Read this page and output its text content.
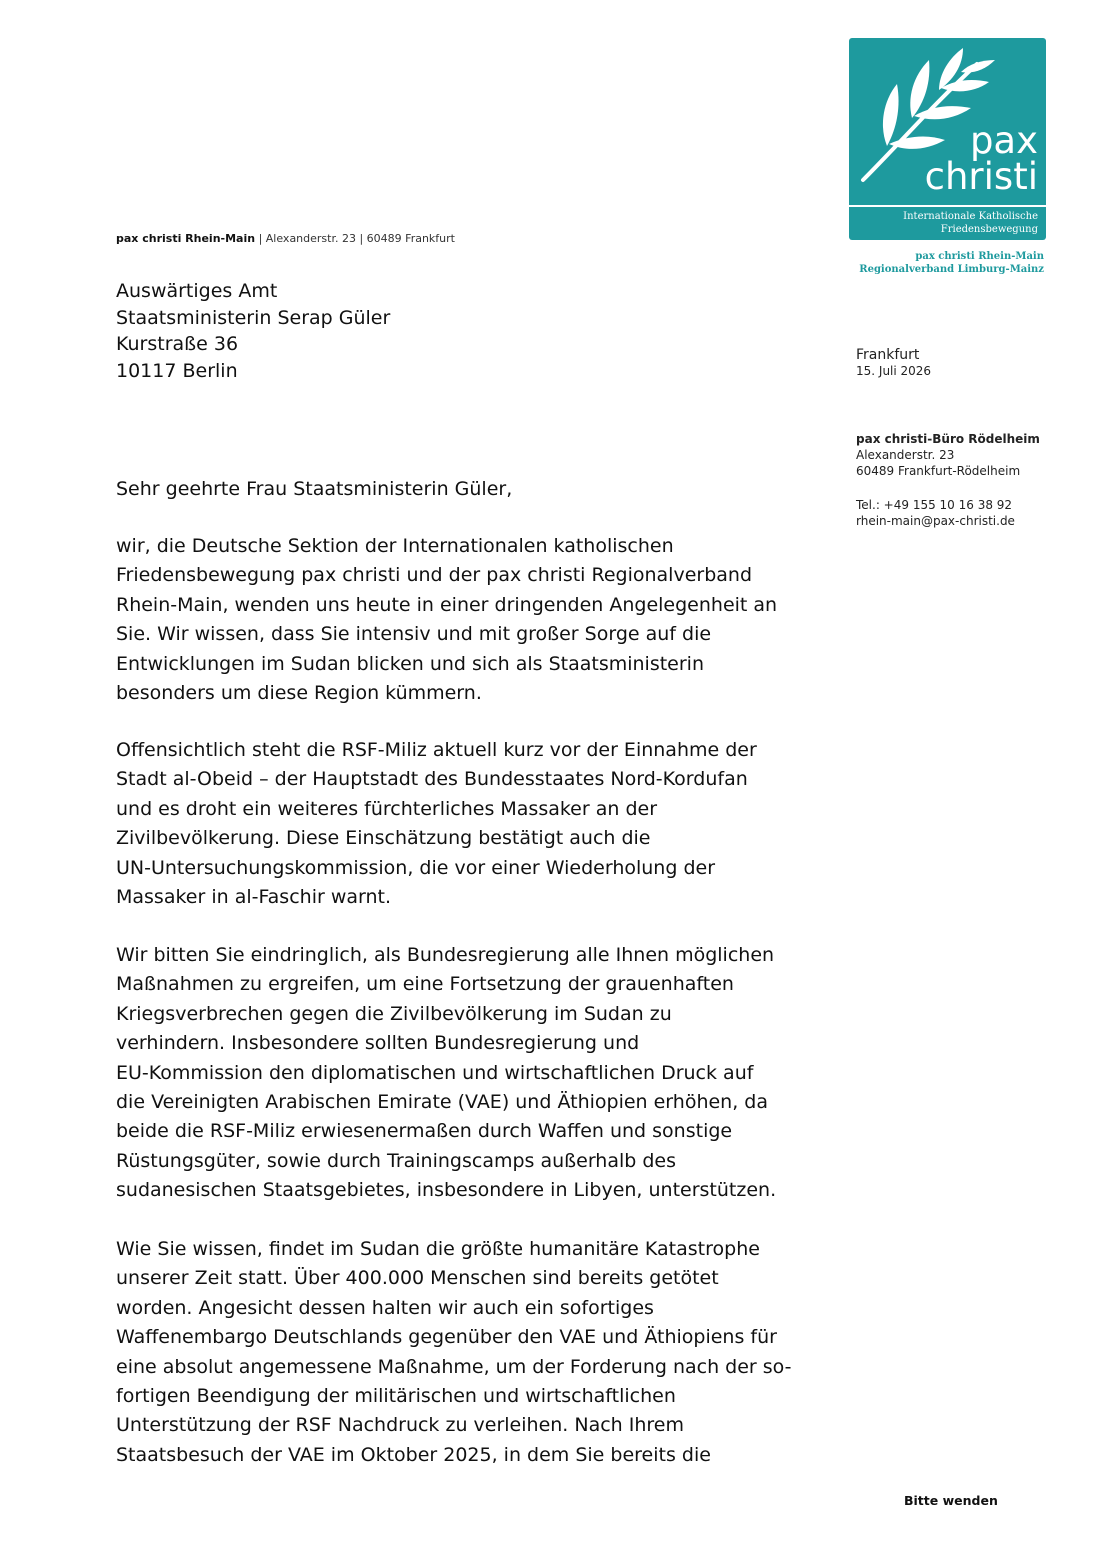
pax
christi
Internationale Katholische
Friedensbewegung
pax christi Rhein-Main
Regionalverband Limburg-Mainz
pax christi Rhein-Main | Alexanderstr. 23 | 60489 Frankfurt
Auswärtiges Amt
Staatsministerin Serap Güler
Kurstraße 36
10117 Berlin
Frankfurt
15. Juli 2026
pax christi-Büro Rödelheim
Alexanderstr. 23
60489 Frankfurt-Rödelheim
Tel.: +49 155 10 16 38 92
rhein-main@pax-christi.de
Sehr geehrte Frau Staatsministerin Güler,
wir, die Deutsche Sektion der Internationalen katholischen
Friedensbewegung pax christi und der pax christi Regionalverband
Rhein-Main, wenden uns heute in einer dringenden Angelegenheit an
Sie. Wir wissen, dass Sie intensiv und mit großer Sorge auf die
Entwicklungen im Sudan blicken und sich als Staatsministerin
besonders um diese Region kümmern.
Offensichtlich steht die RSF-Miliz aktuell kurz vor der Einnahme der
Stadt al-Obeid – der Hauptstadt des Bundesstaates Nord-Kordufan
und es droht ein weiteres fürchterliches Massaker an der
Zivilbevölkerung. Diese Einschätzung bestätigt auch die
UN-Untersuchungskommission, die vor einer Wiederholung der
Massaker in al-Faschir warnt.
Wir bitten Sie eindringlich, als Bundesregierung alle Ihnen möglichen
Maßnahmen zu ergreifen, um eine Fortsetzung der grauenhaften
Kriegsverbrechen gegen die Zivilbevölkerung im Sudan zu
verhindern. Insbesondere sollten Bundesregierung und
EU-Kommission den diplomatischen und wirtschaftlichen Druck auf
die Vereinigten Arabischen Emirate (VAE) und Äthiopien erhöhen, da
beide die RSF-Miliz erwiesenermaßen durch Waffen und sonstige
Rüstungsgüter, sowie durch Trainingscamps außerhalb des
sudanesischen Staatsgebietes, insbesondere in Libyen, unterstützen.
Wie Sie wissen, findet im Sudan die größte humanitäre Katastrophe
unserer Zeit statt. Über 400.000 Menschen sind bereits getötet
worden. Angesicht dessen halten wir auch ein sofortiges
Waffenembargo Deutschlands gegenüber den VAE und Äthiopiens für
eine absolut angemessene Maßnahme, um der Forderung nach der so-
fortigen Beendigung der militärischen und wirtschaftlichen
Unterstützung der RSF Nachdruck zu verleihen. Nach Ihrem
Staatsbesuch der VAE im Oktober 2025, in dem Sie bereits die
Bitte wenden
